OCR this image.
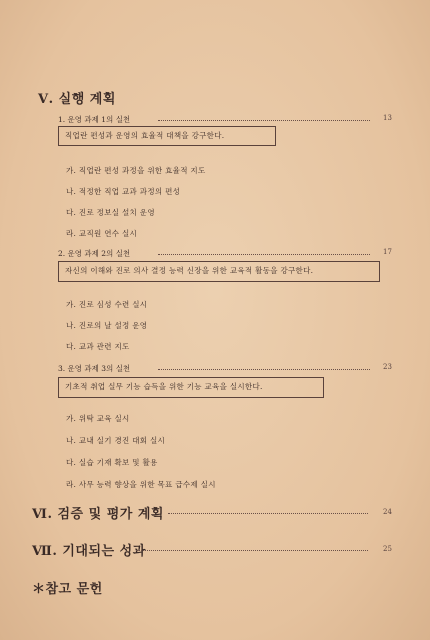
Ⅴ. 실행 계획
1. 운영 과제 1의 실천	13
직업란 편성과 운영의 효율적 대책을 강구한다.
가. 직업란 편성 과정을 위한 효율적 지도
나. 적정한 직업 교과 과정의 편성
다. 진로 정보실 설치 운영
라. 교직원 연수 실시
2. 운영 과제 2의 실천	17
자신의 이해와 진로 의사 결정 능력 신장을 위한 교육적 활동을 강구한다.
가. 진로 심성 수련 실시
나. 진로의 날 설정 운영
다. 교과 관련 지도
3. 운영 과제 3의 실천	23
기초적 취업 실무 기능 습득을 위한 기능 교육을 실시한다.
가. 위탁 교육 실시
나. 교내 실기 경진 대회 실시
다. 실습 기재 확보 및 활용
라. 사무 능력 향상을 위한 목표 급수제 실시
Ⅵ. 검증 및 평가 계획	24
Ⅶ. 기대되는 성과	25
＊참고 문헌
